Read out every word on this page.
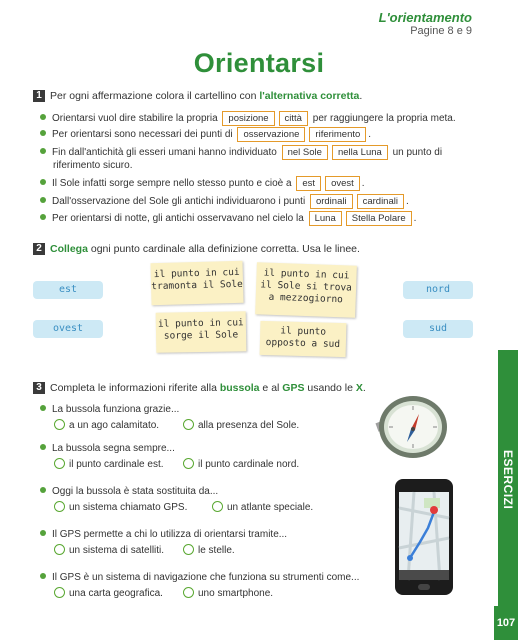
L'orientamento
Pagine 8 e 9
Orientarsi
1 Per ogni affermazione colora il cartellino con l'alternativa corretta.
Orientarsi vuol dire stabilire la propria posizione città per raggiungere la propria meta.
Per orientarsi sono necessari dei punti di osservazione riferimento .
Fin dall'antichità gli esseri umani hanno individuato nel Sole nella Luna un punto di
riferimento sicuro.
Il Sole infatti sorge sempre nello stesso punto e cioè a est ovest .
Dall'osservazione del Sole gli antichi individuarono i punti ordinali cardinali .
Per orientarsi di notte, gli antichi osservavano nel cielo la Luna Stella Polare .
2 Collega ogni punto cardinale alla definizione corretta. Usa le linee.
est
ovest
nord
sud
il punto in cui tramonta il Sole
il punto in cui il Sole si trova a mezzogiorno
il punto in cui sorge il Sole	il punto opposto a sud
3 Completa le informazioni riferite alla bussola e al GPS usando le X.
La bussola funziona grazie...
a un ago calamitato.	alla presenza del Sole.
La bussola segna sempre...
il punto cardinale est.	il punto cardinale nord.
Oggi la bussola è stata sostituita da...
un sistema chiamato GPS.	un atlante speciale.
Il GPS permette a chi lo utilizza di orientarsi tramite...
un sistema di satelliti.	le stelle.
Il GPS è un sistema di navigazione che funziona su strumenti come...
una carta geografica.	uno smartphone.
ESERCIZI
107
